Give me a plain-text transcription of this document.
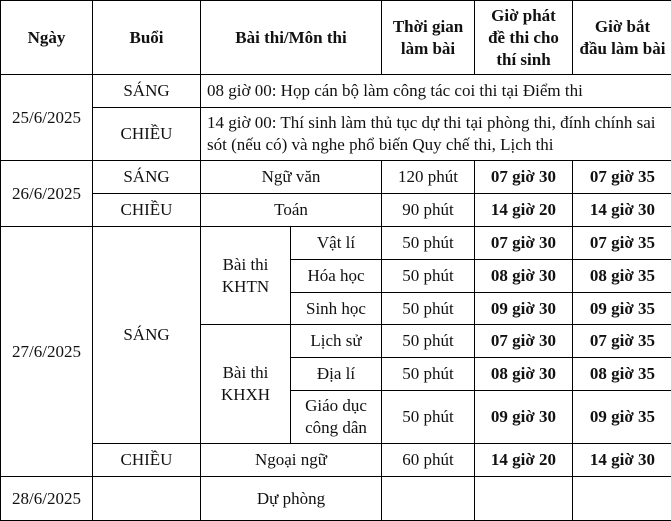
Ngày	Buổi	Bài thi/Môn thi		Thời gian
làm bài	Giờ phát
đề thi cho
thí sinh	Giờ bắt
đầu làm bài
25/6/2025	SÁNG	08 giờ 00: Họp cán bộ làm công tác coi thi tại Điểm thi				
	CHIỀU	14 giờ 00: Thí sinh làm thủ tục dự thi tại phòng thi, đính chính sai sót (nếu có) và nghe phổ biến Quy chế thi, Lịch thi				
26/6/2025	SÁNG	Ngữ văn		120 phút	07 giờ 30	07 giờ 35
	CHIỀU	Toán		90 phút	14 giờ 20	14 giờ 30
27/6/2025	SÁNG	Bài thi
KHTN	Vật lí	50 phút	07 giờ 30	07 giờ 35
			Hóa học	50 phút	08 giờ 30	08 giờ 35
			Sinh học	50 phút	09 giờ 30	09 giờ 35
		Bài thi
KHXH	Lịch sử	50 phút	07 giờ 30	07 giờ 35
			Địa lí	50 phút	08 giờ 30	08 giờ 35
			Giáo dục
công dân	50 phút	09 giờ 30	09 giờ 35
	CHIỀU	Ngoại ngữ		60 phút	14 giờ 20	14 giờ 30
28/6/2025		Dự phòng				
